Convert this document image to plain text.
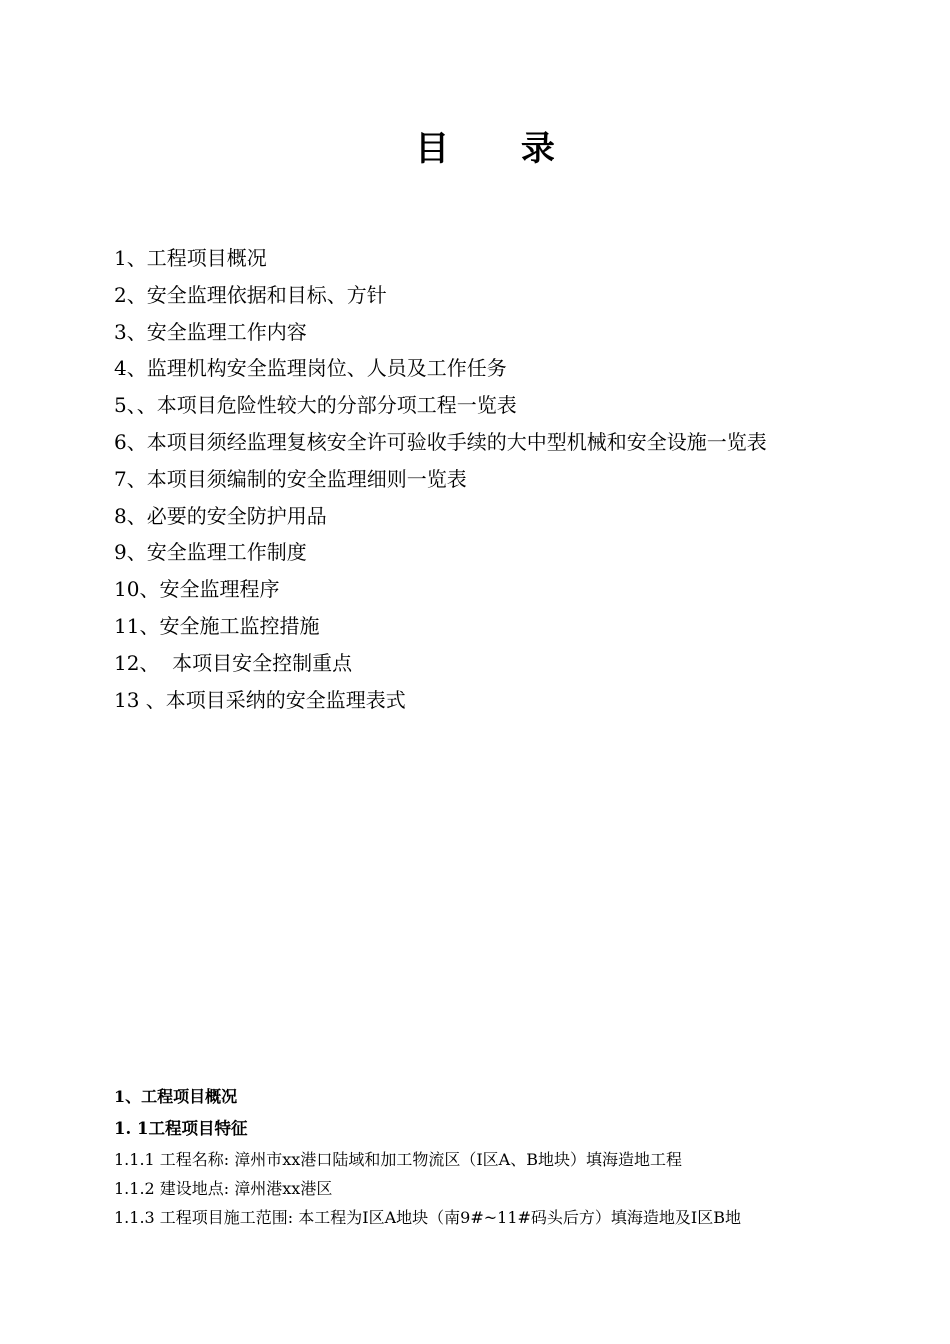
目 录
1、工程项目概况
2、安全监理依据和目标、方针
3、安全监理工作内容
4、监理机构安全监理岗位、人员及工作任务
5、、本项目危险性较大的分部分项工程一览表
6、本项目须经监理复核安全许可验收手续的大中型机械和安全设施一览表
7、本项目须编制的安全监理细则一览表
8、必要的安全防护用品
9、安全监理工作制度
10、安全监理程序
11、安全施工监控措施
12、  本项目安全控制重点
13 、本项目采纳的安全监理表式
1、工程项目概况
1. 1工程项目特征
1.1.1 工程名称: 漳州市xx港口陆域和加工物流区（Ⅰ区A、B地块）填海造地工程
1.1.2 建设地点: 漳州港xx港区
1.1.3 工程项目施工范围: 本工程为Ⅰ区A地块（南9#~11#码头后方）填海造地及Ⅰ区B地
